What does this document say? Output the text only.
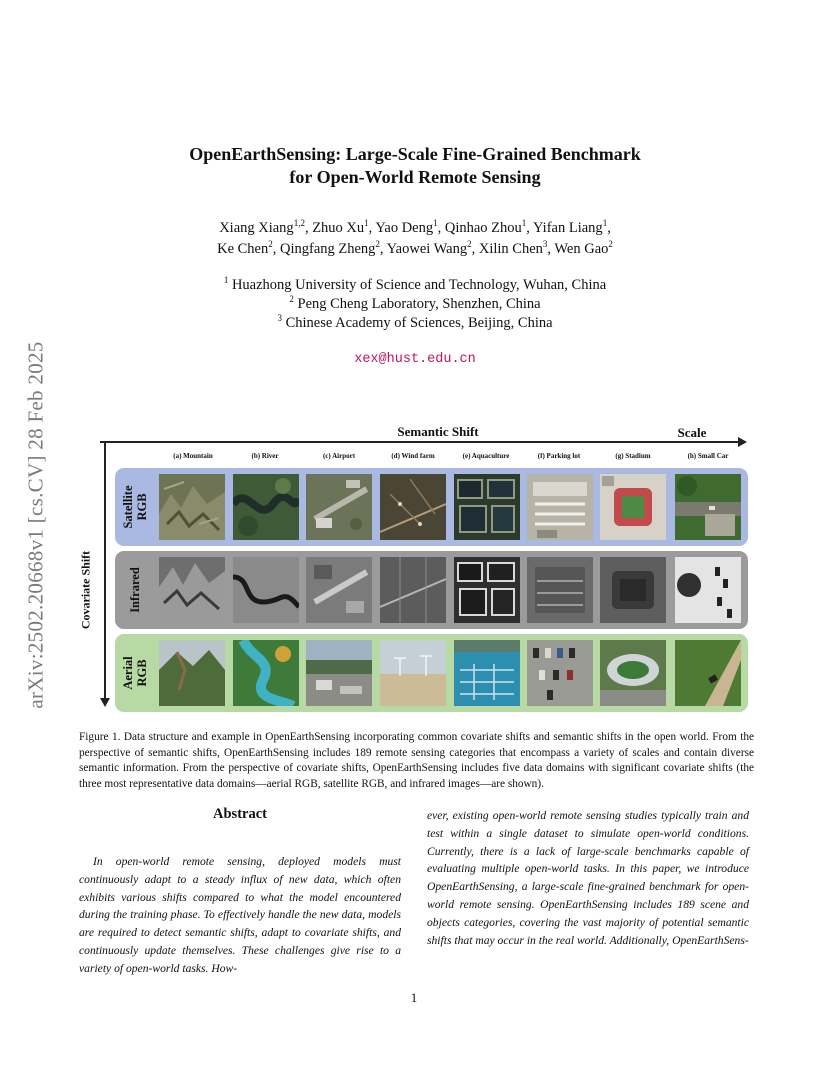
arXiv:2502.20668v1 [cs.CV] 28 Feb 2025
OpenEarthSensing: Large-Scale Fine-Grained Benchmark
for Open-World Remote Sensing
Xiang Xiang$^{1,2}$, Zhuo Xu$^1$, Yao Deng$^1$, Qinhao Zhou$^1$, Yifan Liang$^1$,
Ke Chen$^2$, Qingfang Zheng$^2$, Yaowei Wang$^2$, Xilin Chen$^3$, Wen Gao$^2$
$^1$ Huazhong University of Science and Technology, Wuhan, China
$^2$ Peng Cheng Laboratory, Shenzhen, China
$^3$ Chinese Academy of Sciences, Beijing, China
xex@hust.edu.cn
Semantic Shift	Scale
Covariate Shift
(a) Mountain	(b) River	(c) Airport	(d) Wind farm	(e) Aquaculture	(f) Parking lot	(g) Stadium	(h) Small Car
Satellite
RGB
Infrared
Aerial
RGB
Figure 1. Data structure and example in OpenEarthSensing incorporating common covariate shifts and semantic shifts in the open world. From the perspective of semantic shifts, OpenEarthSensing includes 189 remote sensing categories that encompass a variety of scales and contain diverse semantic information. From the perspective of covariate shifts, OpenEarthSensing includes five data domains with significant covariate shifts (the three most representative data domains—aerial RGB, satellite RGB, and infrared images—are shown).
Abstract
In open-world remote sensing, deployed models must continuously adapt to a steady influx of new data, which often exhibits various shifts compared to what the model encountered during the training phase. To effectively handle the new data, models are required to detect semantic shifts, adapt to covariate shifts, and continuously update themselves. These challenges give rise to a variety of open-world tasks. How-
ever, existing open-world remote sensing studies typically train and test within a single dataset to simulate open-world conditions. Currently, there is a lack of large-scale benchmarks capable of evaluating multiple open-world tasks. In this paper, we introduce OpenEarthSensing, a large-scale fine-grained benchmark for open-world remote sensing. OpenEarthSensing includes 189 scene and objects categories, covering the vast majority of potential semantic shifts that may occur in the real world. Additionally, OpenEarthSens-
1
